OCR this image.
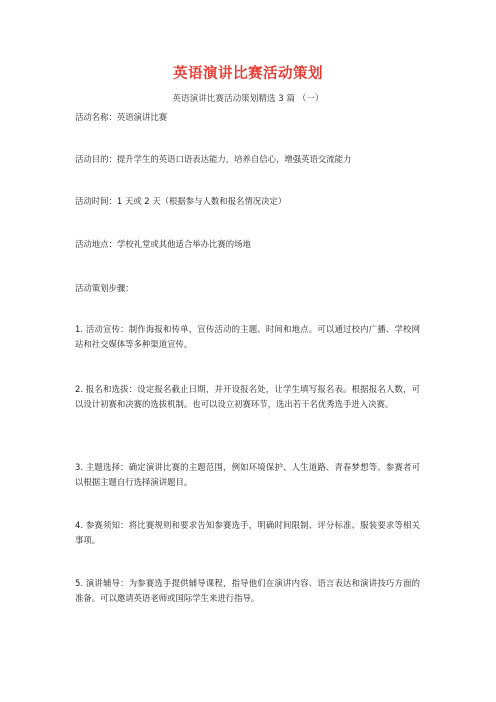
英语演讲比赛活动策划
英语演讲比赛活动策划精选 3 篇 （一）
活动名称：英语演讲比赛
活动目的：提升学生的英语口语表达能力，培养自信心，增强英语交流能力
活动时间：1 天或 2 天（根据参与人数和报名情况决定）
活动地点：学校礼堂或其他适合举办比赛的场地
活动策划步骤：
1. 活动宣传：制作海报和传单，宣传活动的主题、时间和地点。可以通过校内广播、学校网站和社交媒体等多种渠道宣传。
2. 报名和选拔：设定报名截止日期，并开设报名处，让学生填写报名表。根据报名人数，可以设计初赛和决赛的选拔机制。也可以设立初赛环节，选出若干名优秀选手进入决赛。
3. 主题选择：确定演讲比赛的主题范围，例如环境保护、人生道路、青春梦想等。参赛者可以根据主题自行选择演讲题目。
4. 参赛须知：将比赛规则和要求告知参赛选手，明确时间限制、评分标准、服装要求等相关事项。
5. 演讲辅导：为参赛选手提供辅导课程，指导他们在演讲内容、语言表达和演讲技巧方面的准备。可以邀请英语老师或国际学生来进行指导。
